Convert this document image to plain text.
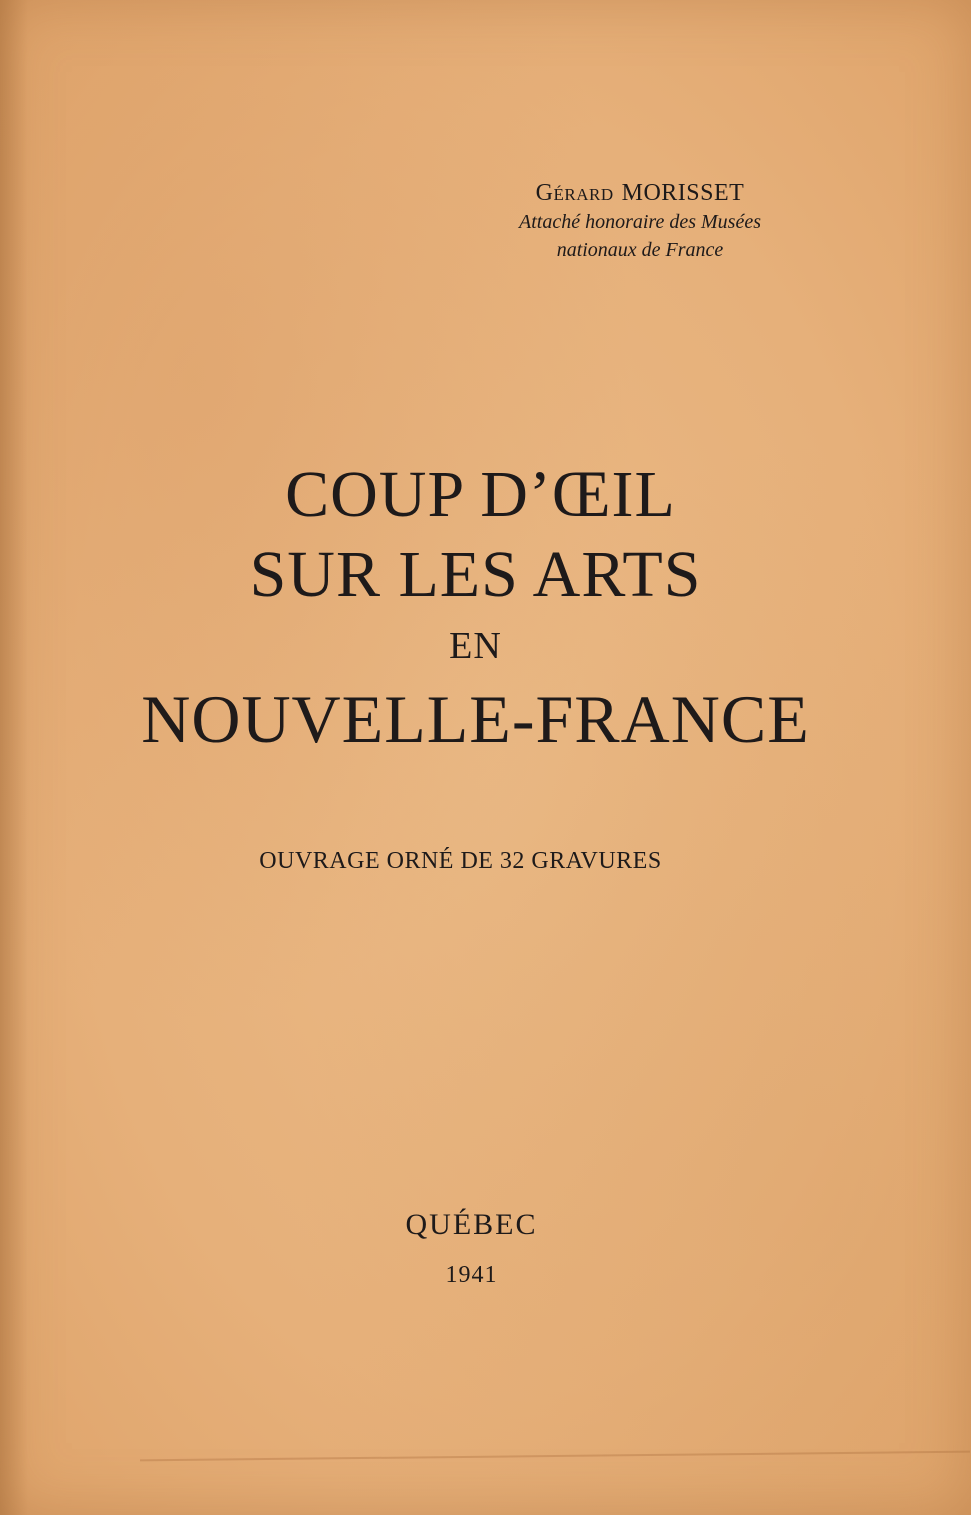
Gérard MORISSET
Attaché honoraire des Musées
nationaux de France
COUP D’ŒIL
SUR LES ARTS
EN
NOUVELLE-FRANCE
OUVRAGE ORNÉ DE 32 GRAVURES
QUÉBEC
1941
